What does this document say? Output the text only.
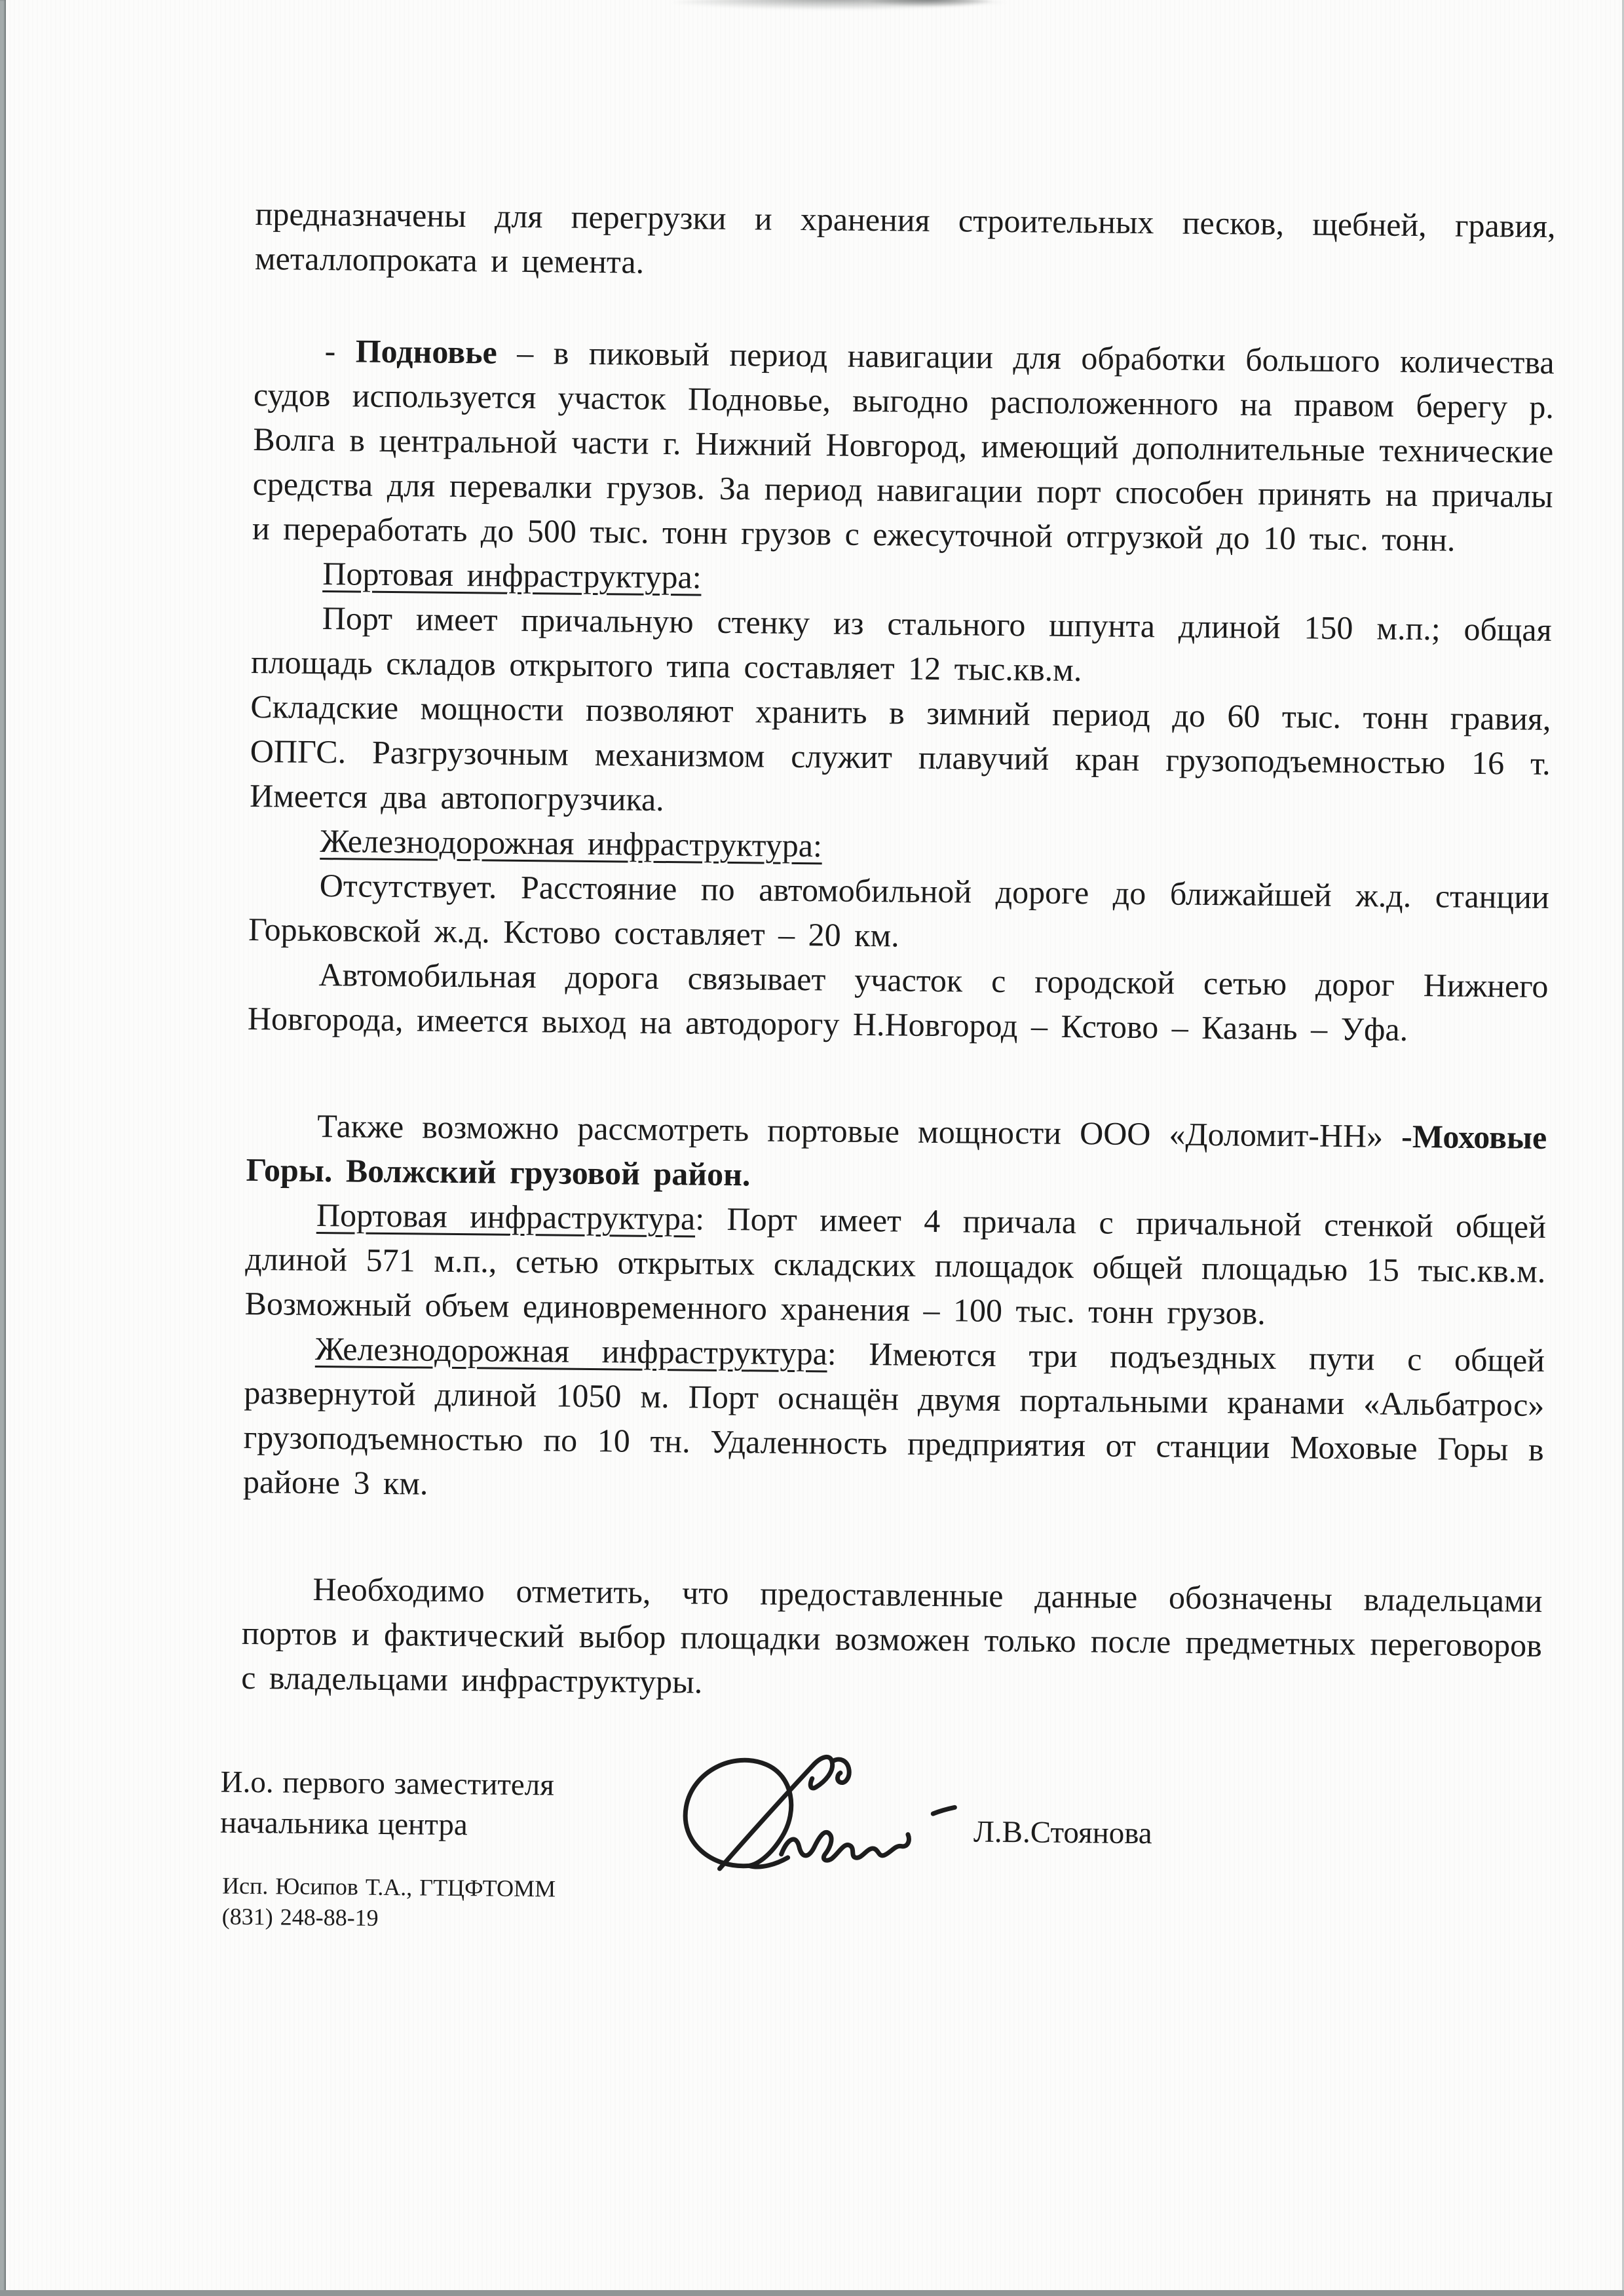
предназначены для перегрузки и хранения строительных песков, щебней, гравия, металлопроката и цемента.

- Подновье – в пиковый период навигации для обработки большого количества судов используется участок Подновье, выгодно расположенного на правом берегу р. Волга в центральной части г. Нижний Новгород, имеющий дополнительные технические средства для перевалки грузов. За период навигации порт способен принять на причалы и переработать до 500 тыс. тонн грузов с ежесуточной отгрузкой до 10 тыс. тонн.

Портовая инфраструктура:

Порт имеет причальную стенку из стального шпунта длиной 150 м.п.; общая площадь складов открытого типа составляет 12 тыс.кв.м.

Складские мощности позволяют хранить в зимний период до 60 тыс. тонн гравия, ОПГС. Разгрузочным механизмом служит плавучий кран грузоподъемностью 16 т. Имеется два автопогрузчика.

Железнодорожная инфраструктура:

Отсутствует. Расстояние по автомобильной дороге до ближайшей ж.д. станции Горьковской ж.д. Кстово составляет – 20 км.

Автомобильная дорога связывает участок с городской сетью дорог Нижнего Новгорода, имеется выход на автодорогу Н.Новгород – Кстово – Казань – Уфа.

Также возможно рассмотреть портовые мощности ООО «Доломит-НН» -Моховые Горы. Волжский грузовой район.

Портовая инфраструктура: Порт имеет 4 причала с причальной стенкой общей длиной 571 м.п., сетью открытых складских площадок общей площадью 15 тыс.кв.м. Возможный объем единовременного хранения – 100 тыс. тонн грузов.

Железнодорожная инфраструктура: Имеются три подъездных пути с общей развернутой длиной 1050 м. Порт оснащён двумя портальными кранами «Альбатрос» грузоподъемностью по 10 тн. Удаленность предприятия от станции Моховые Горы в районе 3 км.

Необходимо отметить, что предоставленные данные обозначены владельцами портов и фактический выбор площадки возможен только после предметных переговоров с владельцами инфраструктуры.

И.о. первого заместителя
начальника центра	Л.В.Стоянова
Исп. Юсипов Т.А., ГТЦФТОММ
(831) 248-88-19
